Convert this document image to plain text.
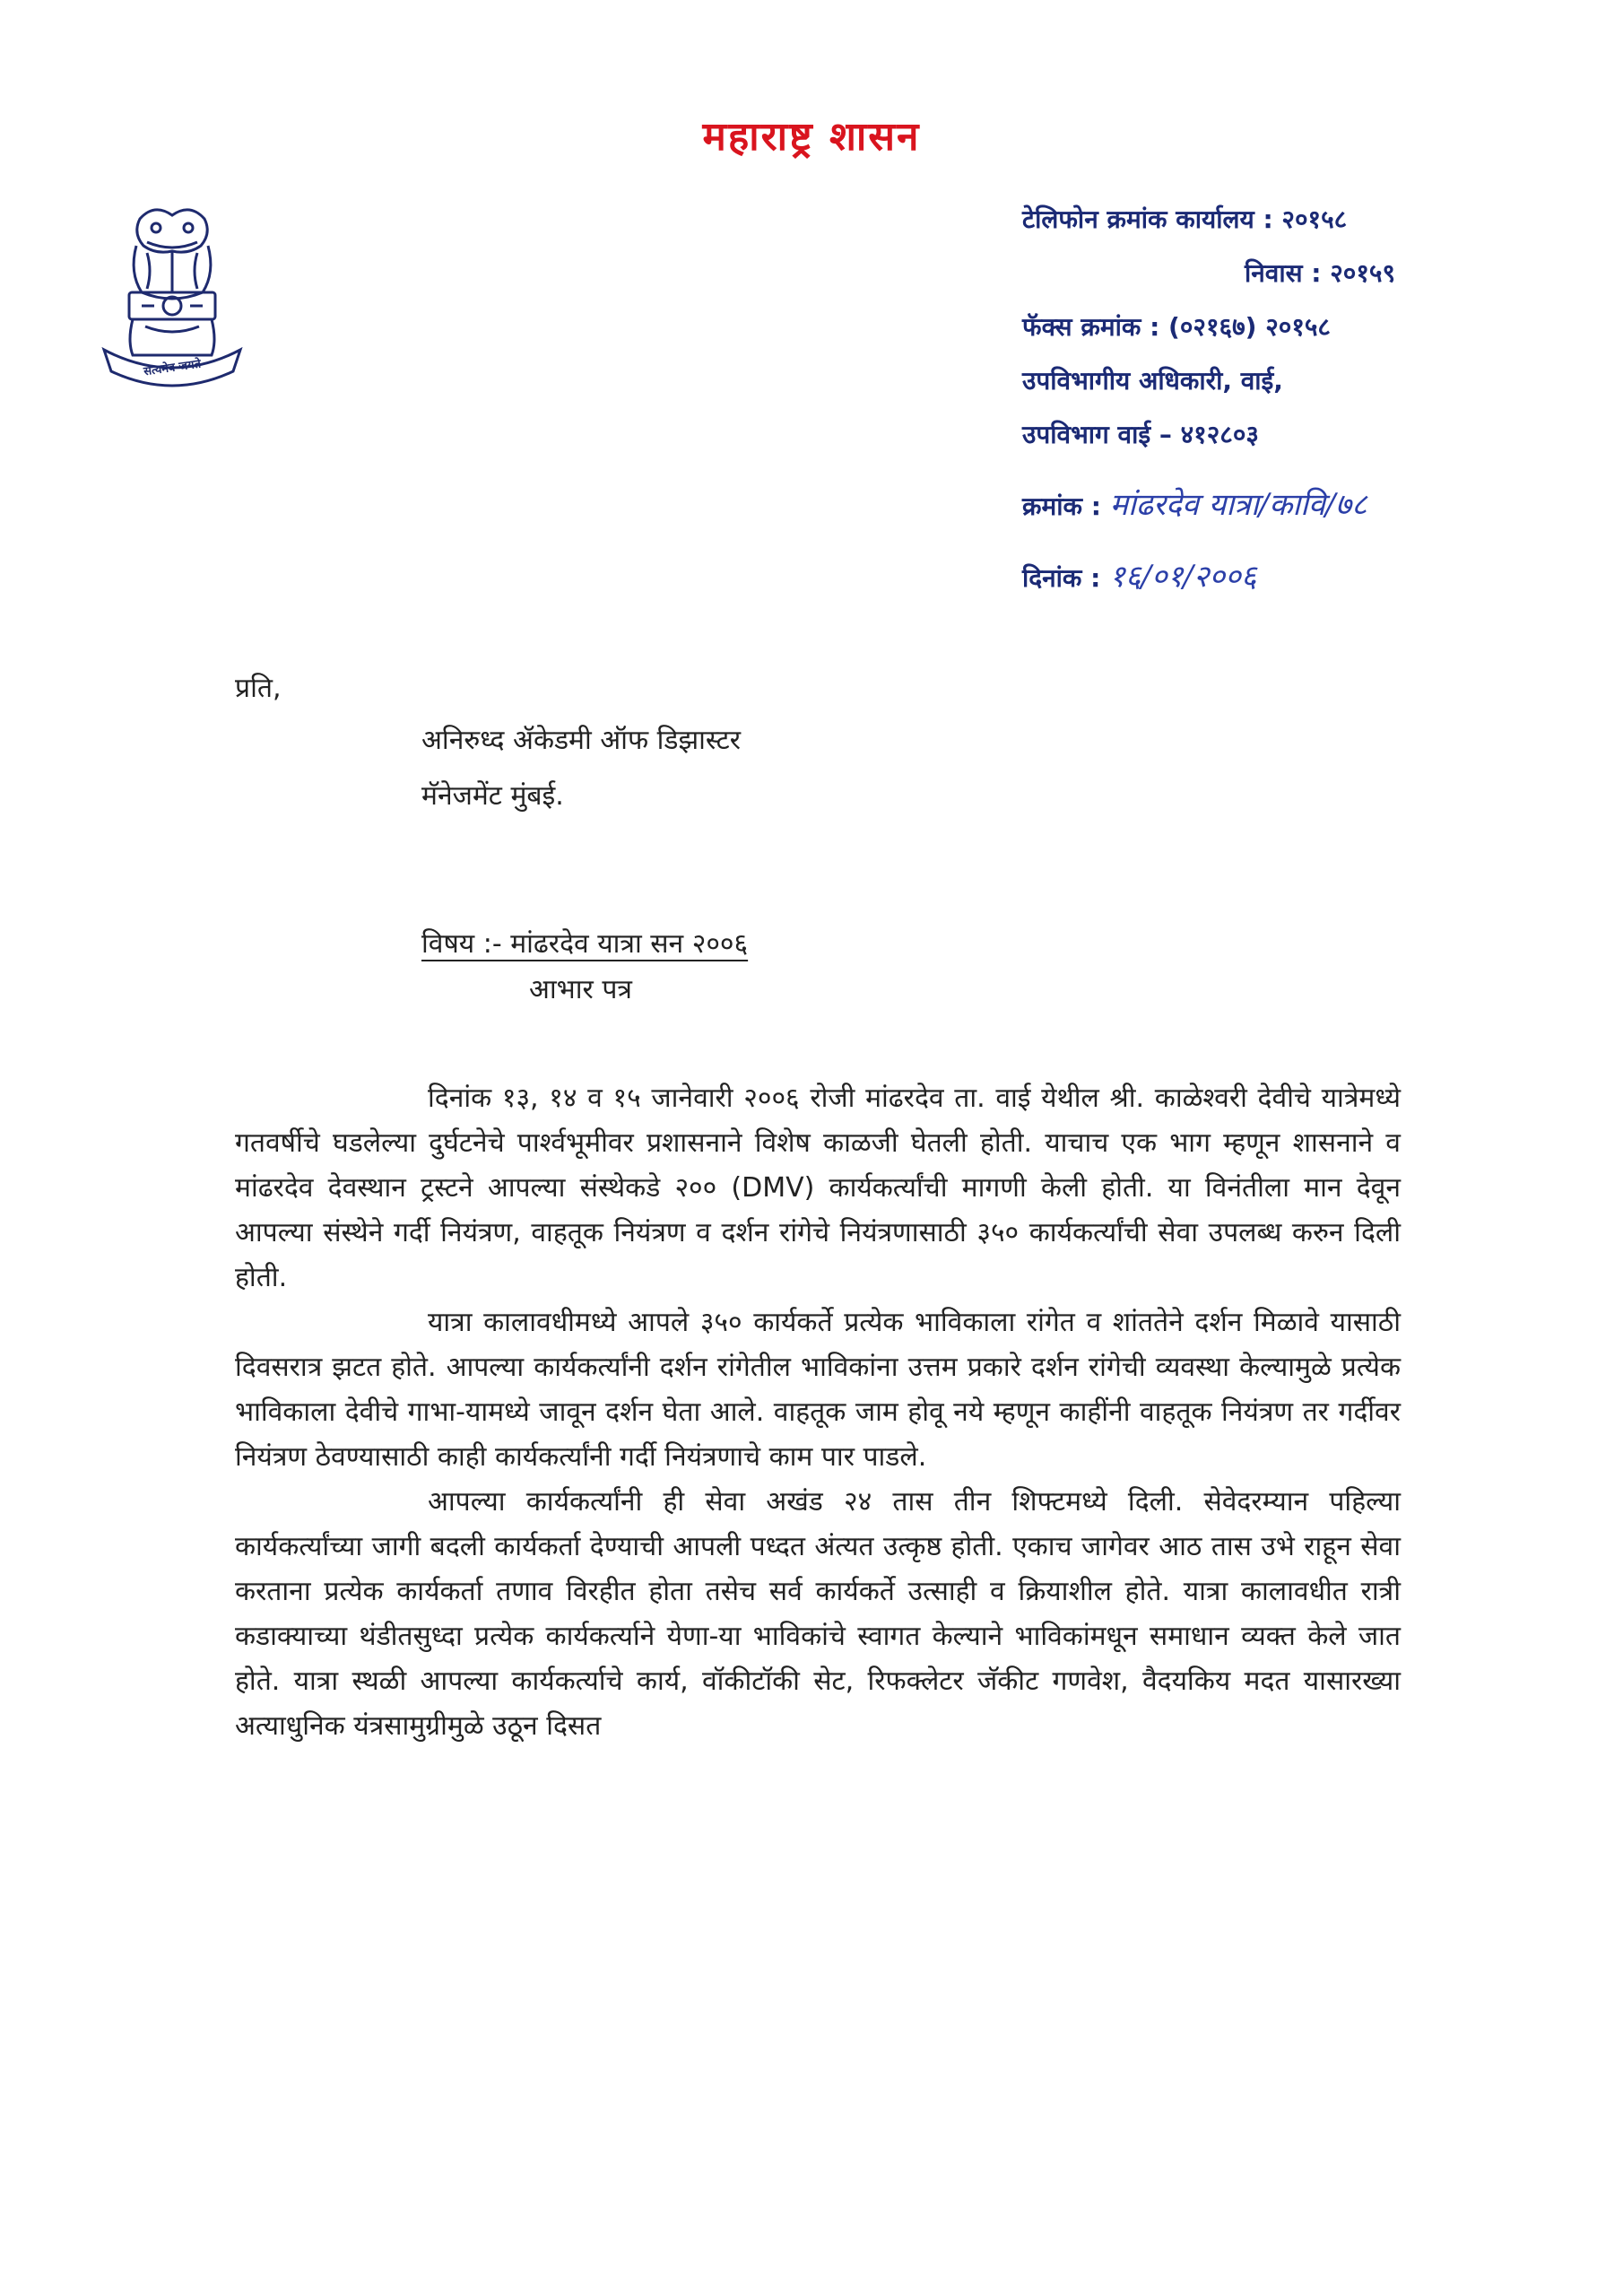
महाराष्ट्र शासन
सत्यमेव जयते
टेलिफोन क्रमांक कार्यालय : २०१५८
निवास : २०१५९
फॅक्स क्रमांक : (०२१६७) २०१५८
उपविभागीय अधिकारी, वाई,
उपविभाग वाई – ४१२८०३
क्रमांक : मांढरदेव यात्रा/कावि/७८
दिनांक : १६/०१/२००६
प्रति,
अनिरुध्द ॲकेडमी ऑफ डिझास्टर
मॅनेजमेंट मुंबई.
विषय :- मांढरदेव यात्रा सन २००६
आभार पत्र

दिनांक १३, १४ व १५ जानेवारी २००६ रोजी मांढरदेव ता. वाई येथील श्री. काळेश्वरी देवीचे यात्रेमध्ये गतवर्षीचे घडलेल्या दुर्घटनेचे पार्श्वभूमीवर प्रशासनाने विशेष काळजी घेतली होती. याचाच एक भाग म्हणून शासनाने व मांढरदेव देवस्थान ट्रस्टने आपल्या संस्थेकडे २०० (DMV) कार्यकर्त्यांची मागणी केली होती. या विनंतीला मान देवून आपल्या संस्थेने गर्दी नियंत्रण, वाहतूक नियंत्रण व दर्शन रांगेचे नियंत्रणासाठी ३५० कार्यकर्त्यांची सेवा उपलब्ध करुन दिली होती.

यात्रा कालावधीमध्ये आपले ३५० कार्यकर्ते प्रत्येक भाविकाला रांगेत व शांततेने दर्शन मिळावे यासाठी दिवसरात्र झटत होते. आपल्या कार्यकर्त्यांनी दर्शन रांगेतील भाविकांना उत्तम प्रकारे दर्शन रांगेची व्यवस्था केल्यामुळे प्रत्येक भाविकाला देवीचे गाभा-यामध्ये जावून दर्शन घेता आले. वाहतूक जाम होवू नये म्हणून काहींनी वाहतूक नियंत्रण तर गर्दीवर नियंत्रण ठेवण्यासाठी काही कार्यकर्त्यांनी गर्दी नियंत्रणाचे काम पार पाडले.

आपल्या कार्यकर्त्यांनी ही सेवा अखंड २४ तास तीन शिफ्टमध्ये दिली. सेवेदरम्यान पहिल्या कार्यकर्त्यांच्या जागी बदली कार्यकर्ता देण्याची आपली पध्दत अंत्यत उत्कृष्ठ होती. एकाच जागेवर आठ तास उभे राहून सेवा करताना प्रत्येक कार्यकर्ता तणाव विरहीत होता तसेच सर्व कार्यकर्ते उत्साही व क्रियाशील होते. यात्रा कालावधीत रात्री कडाक्याच्या थंडीतसुध्दा प्रत्येक कार्यकर्त्याने येणा-या भाविकांचे स्वागत केल्याने भाविकांमधून समाधान व्यक्त केले जात होते. यात्रा स्थळी आपल्या कार्यकर्त्याचे कार्य, वॉकीटॉकी सेट, रिफक्लेटर जॅकीट गणवेश, वैदयकिय मदत यासारख्या अत्याधुनिक यंत्रसामुग्रीमुळे उठून दिसत
